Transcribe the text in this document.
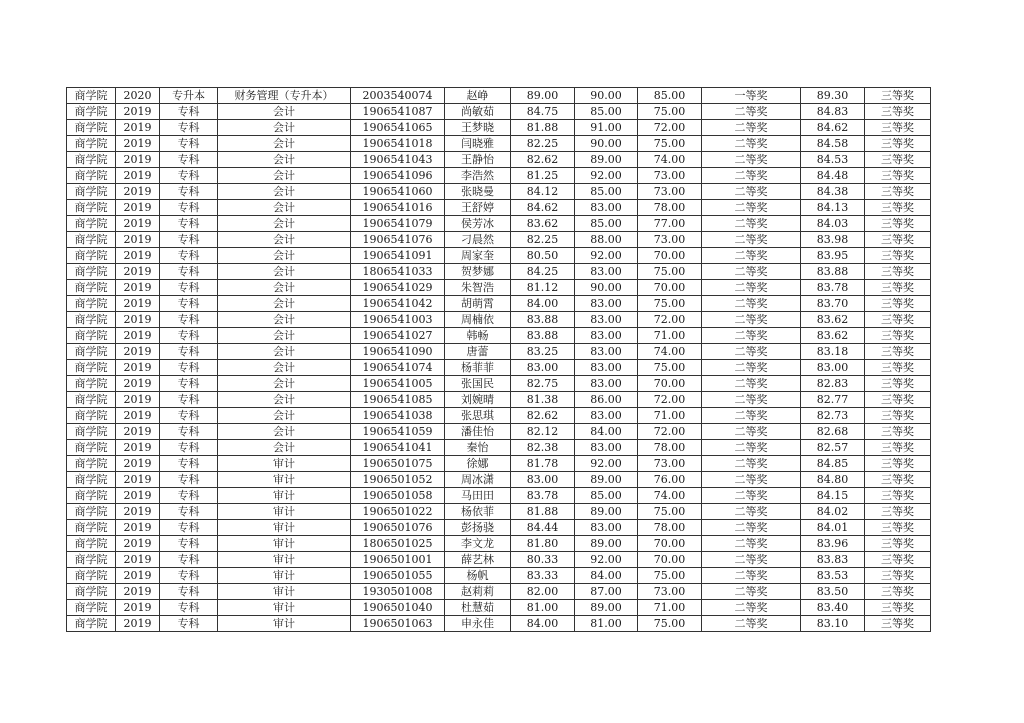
商学院	2020	专升本	财务管理（专升本）	2003540074	赵峥	89.00	90.00	85.00	一等奖	89.30	三等奖
商学院	2019	专科	会计	1906541087	尚敏茹	84.75	85.00	75.00	二等奖	84.83	三等奖
商学院	2019	专科	会计	1906541065	王梦晓	81.88	91.00	72.00	二等奖	84.62	三等奖
商学院	2019	专科	会计	1906541018	闫晓雅	82.25	90.00	75.00	二等奖	84.58	三等奖
商学院	2019	专科	会计	1906541043	王静怡	82.62	89.00	74.00	二等奖	84.53	三等奖
商学院	2019	专科	会计	1906541096	李浩然	81.25	92.00	73.00	二等奖	84.48	三等奖
商学院	2019	专科	会计	1906541060	张晓曼	84.12	85.00	73.00	二等奖	84.38	三等奖
商学院	2019	专科	会计	1906541016	王舒婷	84.62	83.00	78.00	二等奖	84.13	三等奖
商学院	2019	专科	会计	1906541079	侯芳冰	83.62	85.00	77.00	二等奖	84.03	三等奖
商学院	2019	专科	会计	1906541076	刁晨然	82.25	88.00	73.00	二等奖	83.98	三等奖
商学院	2019	专科	会计	1906541091	周家奎	80.50	92.00	70.00	二等奖	83.95	三等奖
商学院	2019	专科	会计	1806541033	贺梦娜	84.25	83.00	75.00	二等奖	83.88	三等奖
商学院	2019	专科	会计	1906541029	朱智浩	81.12	90.00	70.00	二等奖	83.78	三等奖
商学院	2019	专科	会计	1906541042	胡萌霄	84.00	83.00	75.00	二等奖	83.70	三等奖
商学院	2019	专科	会计	1906541003	周楠依	83.88	83.00	72.00	二等奖	83.62	三等奖
商学院	2019	专科	会计	1906541027	韩畅	83.88	83.00	71.00	二等奖	83.62	三等奖
商学院	2019	专科	会计	1906541090	唐蕾	83.25	83.00	74.00	二等奖	83.18	三等奖
商学院	2019	专科	会计	1906541074	杨菲菲	83.00	83.00	75.00	二等奖	83.00	三等奖
商学院	2019	专科	会计	1906541005	张国民	82.75	83.00	70.00	二等奖	82.83	三等奖
商学院	2019	专科	会计	1906541085	刘婉晴	81.38	86.00	72.00	二等奖	82.77	三等奖
商学院	2019	专科	会计	1906541038	张思琪	82.62	83.00	71.00	二等奖	82.73	三等奖
商学院	2019	专科	会计	1906541059	潘佳怡	82.12	84.00	72.00	二等奖	82.68	三等奖
商学院	2019	专科	会计	1906541041	秦怡	82.38	83.00	78.00	二等奖	82.57	三等奖
商学院	2019	专科	审计	1906501075	徐娜	81.78	92.00	73.00	二等奖	84.85	三等奖
商学院	2019	专科	审计	1906501052	周冰潇	83.00	89.00	76.00	二等奖	84.80	三等奖
商学院	2019	专科	审计	1906501058	马田田	83.78	85.00	74.00	二等奖	84.15	三等奖
商学院	2019	专科	审计	1906501022	杨依菲	81.88	89.00	75.00	二等奖	84.02	三等奖
商学院	2019	专科	审计	1906501076	彭扬骁	84.44	83.00	78.00	二等奖	84.01	三等奖
商学院	2019	专科	审计	1806501025	李文龙	81.80	89.00	70.00	二等奖	83.96	三等奖
商学院	2019	专科	审计	1906501001	薛艺林	80.33	92.00	70.00	二等奖	83.83	三等奖
商学院	2019	专科	审计	1906501055	杨帆	83.33	84.00	75.00	二等奖	83.53	三等奖
商学院	2019	专科	审计	1930501008	赵莉莉	82.00	87.00	73.00	二等奖	83.50	三等奖
商学院	2019	专科	审计	1906501040	杜慧茹	81.00	89.00	71.00	二等奖	83.40	三等奖
商学院	2019	专科	审计	1906501063	申永佳	84.00	81.00	75.00	二等奖	83.10	三等奖
